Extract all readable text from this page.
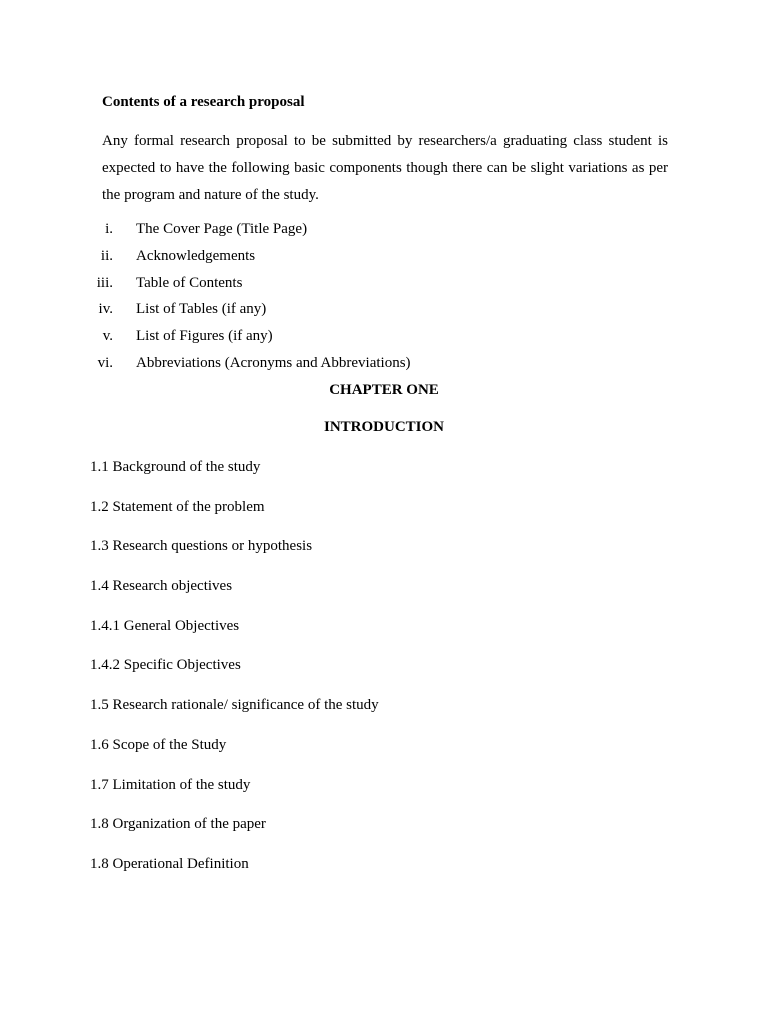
Contents of a research proposal
Any formal research proposal to be submitted by researchers/a graduating class student is expected to have the following basic components though there can be slight variations as per the program and nature of the study.
i. The Cover Page (Title Page)
ii. Acknowledgements
iii. Table of Contents
iv. List of Tables (if any)
v. List of Figures (if any)
vi. Abbreviations (Acronyms and Abbreviations)
CHAPTER ONE
INTRODUCTION
1.1 Background of the study
1.2 Statement of the problem
1.3 Research questions or hypothesis
1.4 Research objectives
1.4.1 General Objectives
1.4.2 Specific Objectives
1.5 Research rationale/ significance of the study
1.6 Scope of the Study
1.7 Limitation of the study
1.8 Organization of the paper
1.8 Operational Definition
